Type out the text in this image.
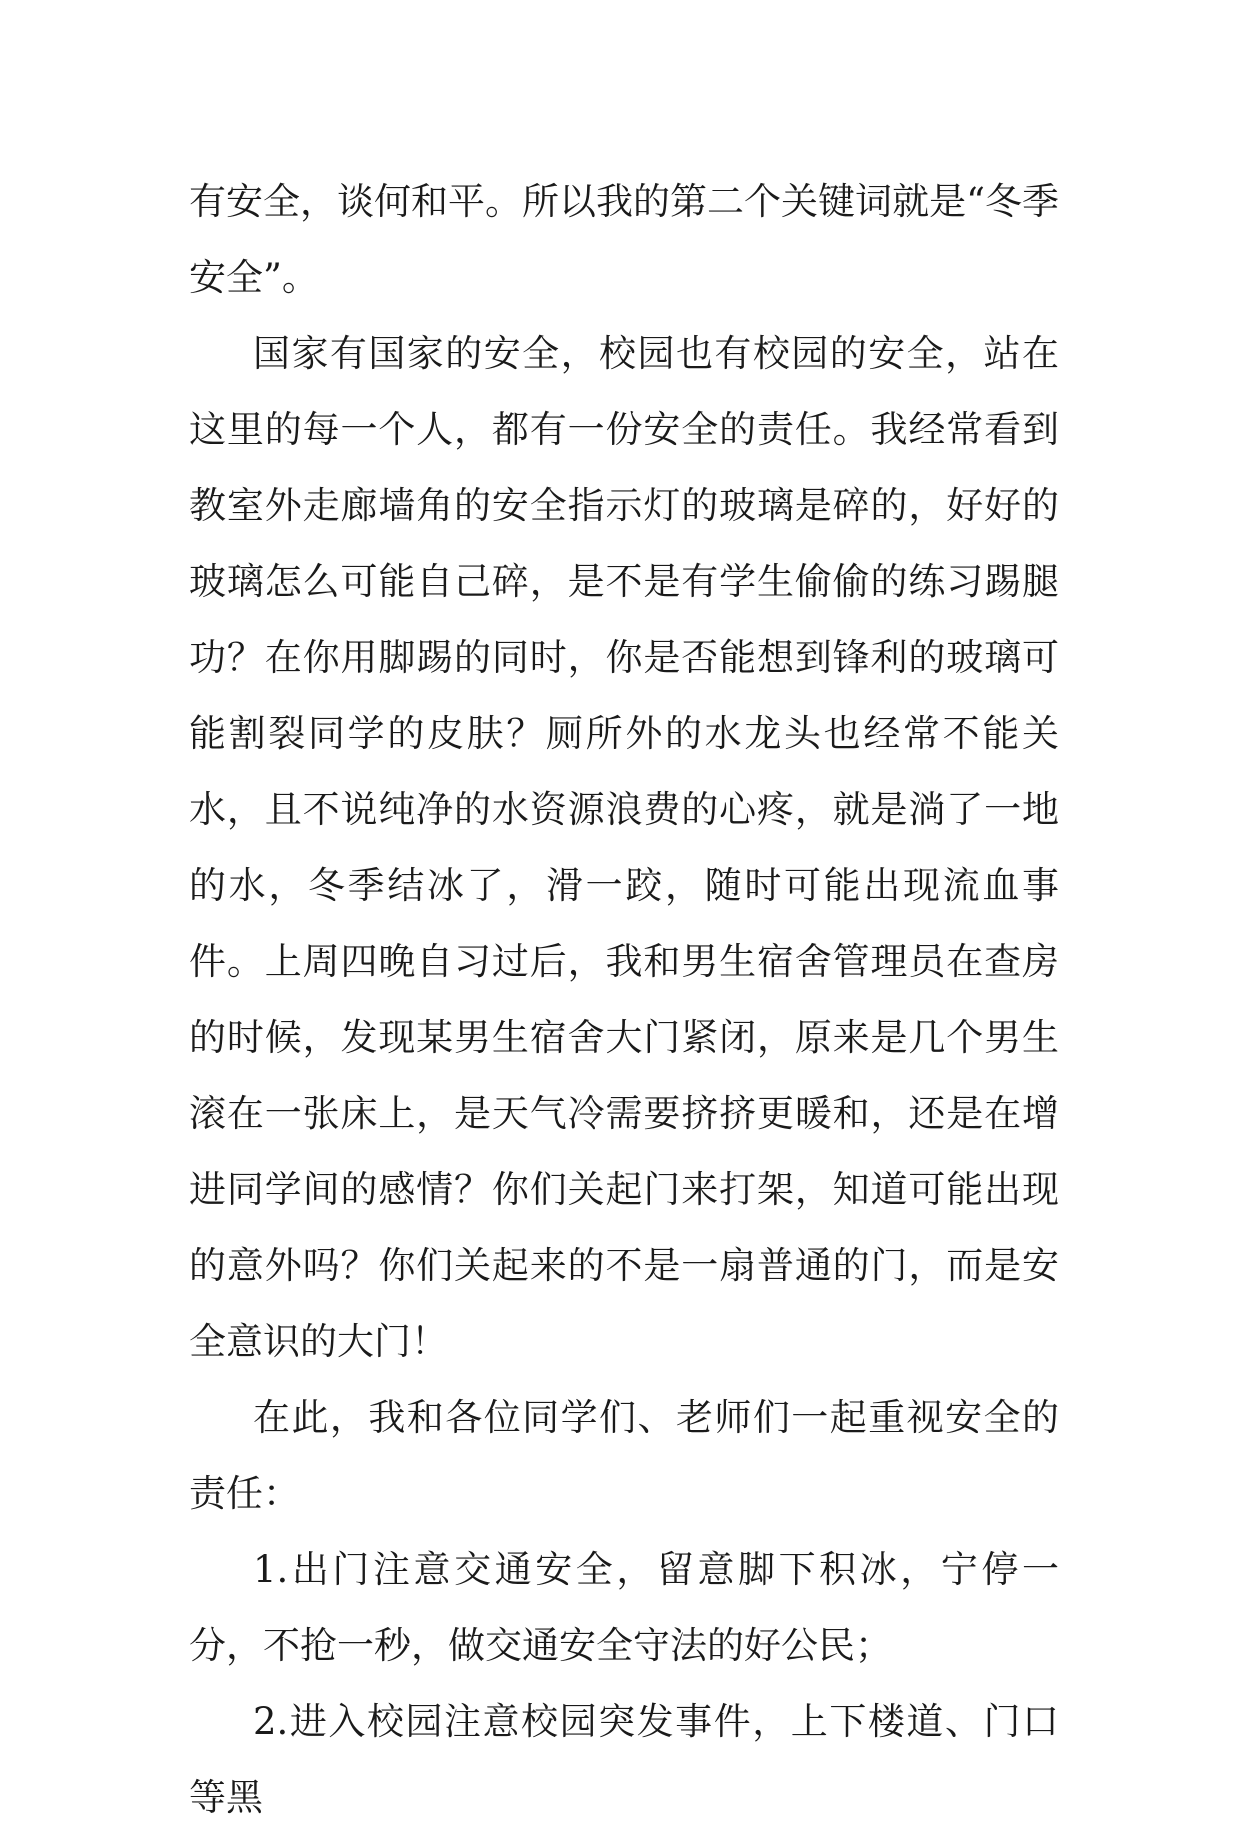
有安全，谈何和平。所以我的第二个关键词就是“冬季安全”。

国家有国家的安全，校园也有校园的安全，站在这里的每一个人，都有一份安全的责任。我经常看到教室外走廊墙角的安全指示灯的玻璃是碎的，好好的玻璃怎么可能自己碎，是不是有学生偷偷的练习踢腿功？在你用脚踢的同时，你是否能想到锋利的玻璃可能割裂同学的皮肤？厕所外的水龙头也经常不能关水，且不说纯净的水资源浪费的心疼，就是淌了一地的水，冬季结冰了，滑一跤，随时可能出现流血事件。上周四晚自习过后，我和男生宿舍管理员在查房的时候，发现某男生宿舍大门紧闭，原来是几个男生滚在一张床上，是天气冷需要挤挤更暖和，还是在增进同学间的感情？你们关起门来打架，知道可能出现的意外吗？你们关起来的不是一扇普通的门，而是安全意识的大门！

在此，我和各位同学们、老师们一起重视安全的责任：

1.出门注意交通安全，留意脚下积冰，宁停一分，不抢一秒，做交通安全守法的好公民；

2.进入校园注意校园突发事件，上下楼道、门口等黑
